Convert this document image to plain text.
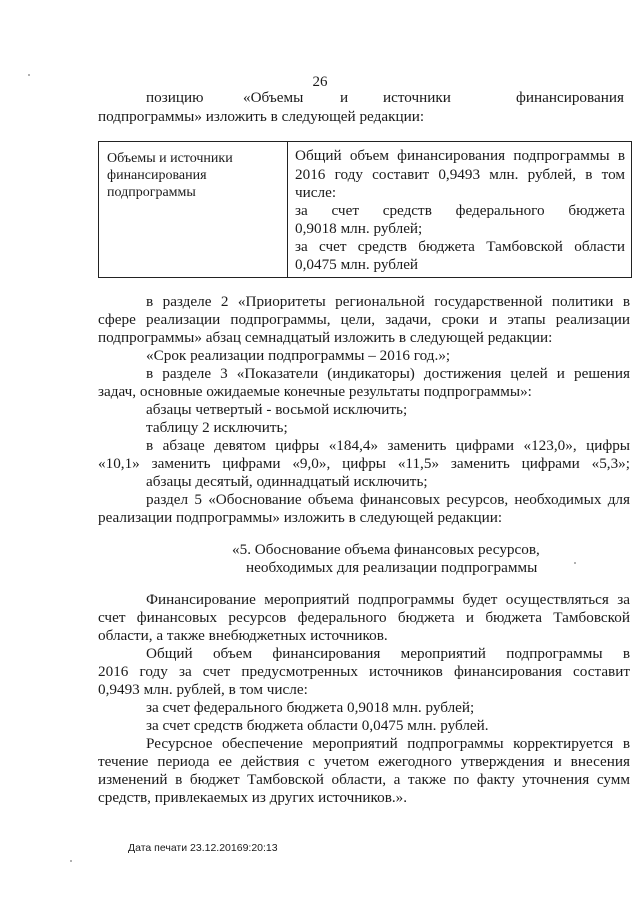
26
позицию	«Объемы и источники	финансирования
подпрограммы» изложить в следующей редакции:
Объемы и источники
финансирования
подпрограммы
Общий объем финансирования подпрограммы в
2016 году составит 0,9493 млн. рублей, в том
числе:
за счет средств федерального бюджета
0,9018 млн. рублей;
за счет средств бюджета Тамбовской области
0,0475 млн. рублей
в разделе 2 «Приоритеты региональной государственной политики в
сфере реализации подпрограммы, цели, задачи, сроки и этапы реализации
подпрограммы» абзац семнадцатый изложить в следующей редакции:
«Срок реализации подпрограммы – 2016 год.»;
в разделе 3 «Показатели (индикаторы) достижения целей и решения
задач, основные ожидаемые конечные результаты подпрограммы»:
абзацы четвертый - восьмой исключить;
таблицу 2 исключить;
в абзаце девятом цифры «184,4» заменить цифрами «123,0», цифры
«10,1» заменить цифрами «9,0», цифры «11,5» заменить цифрами «5,3»;
абзацы десятый, одиннадцатый исключить;
раздел 5 «Обоснование объема финансовых ресурсов, необходимых для
реализации подпрограммы» изложить в следующей редакции:
«5. Обоснование объема финансовых ресурсов,
необходимых для реализации подпрограммы
Финансирование мероприятий подпрограммы будет осуществляться за
счет финансовых ресурсов федерального бюджета и бюджета Тамбовской
области, а также внебюджетных источников.
Общий объем финансирования мероприятий подпрограммы в
2016 году за счет предусмотренных источников финансирования составит
0,9493 млн. рублей, в том числе:
за счет федерального бюджета 0,9018 млн. рублей;
за счет средств бюджета области 0,0475 млн. рублей.
Ресурсное обеспечение мероприятий подпрограммы корректируется в
течение периода ее действия с учетом ежегодного утверждения и внесения
изменений в бюджет Тамбовской области, а также по факту уточнения сумм
средств, привлекаемых из других источников.».
Дата печати 23.12.20169:20:13
